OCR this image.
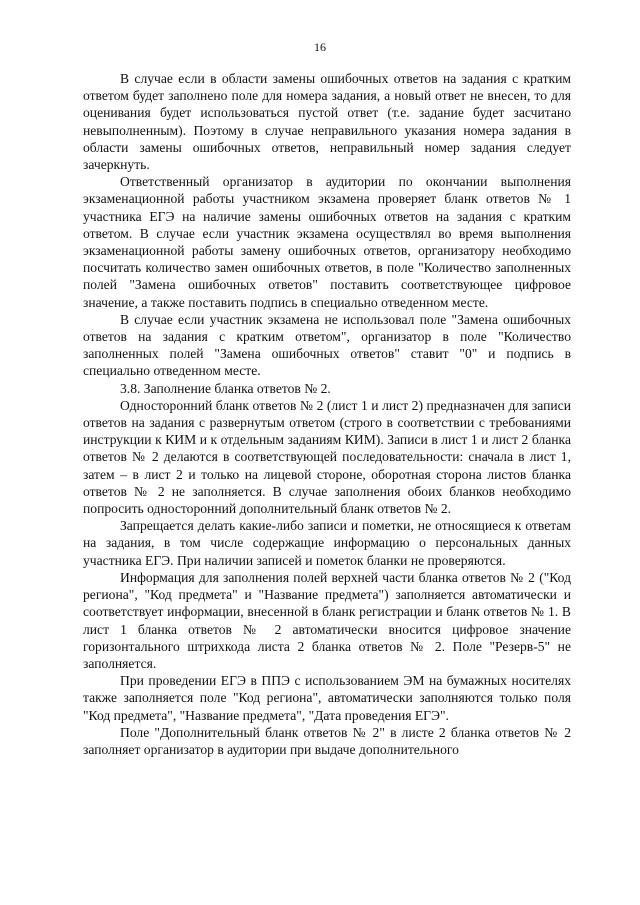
16

В случае если в области замены ошибочных ответов на задания с кратким ответом будет заполнено поле для номера задания, а новый ответ не внесен, то для оценивания будет использоваться пустой ответ (т.е. задание будет засчитано невыполненным). Поэтому в случае неправильного указания номера задания в области замены ошибочных ответов, неправильный номер задания следует зачеркнуть.

Ответственный организатор в аудитории по окончании выполнения экзаменационной работы участником экзамена проверяет бланк ответов № 1 участника ЕГЭ на наличие замены ошибочных ответов на задания с кратким ответом. В случае если участник экзамена осуществлял во время выполнения экзаменационной работы замену ошибочных ответов, организатору необходимо посчитать количество замен ошибочных ответов, в поле "Количество заполненных полей "Замена ошибочных ответов" поставить соответствующее цифровое значение, а также поставить подпись в специально отведенном месте.

В случае если участник экзамена не использовал поле "Замена ошибочных ответов на задания с кратким ответом", организатор в поле "Количество заполненных полей "Замена ошибочных ответов" ставит "0" и подпись в специально отведенном месте.

3.8. Заполнение бланка ответов № 2.

Односторонний бланк ответов № 2 (лист 1 и лист 2) предназначен для записи ответов на задания с развернутым ответом (строго в соответствии с требованиями инструкции к КИМ и к отдельным заданиям КИМ). Записи в лист 1 и лист 2 бланка ответов № 2 делаются в соответствующей последовательности: сначала в лист 1, затем – в лист 2 и только на лицевой стороне, оборотная сторона листов бланка ответов № 2 не заполняется. В случае заполнения обоих бланков необходимо попросить односторонний дополнительный бланк ответов № 2.

Запрещается делать какие-либо записи и пометки, не относящиеся к ответам на задания, в том числе содержащие информацию о персональных данных участника ЕГЭ. При наличии записей и пометок бланки не проверяются.

Информация для заполнения полей верхней части бланка ответов № 2 ("Код региона", "Код предмета" и "Название предмета") заполняется автоматически и соответствует информации, внесенной в бланк регистрации и бланк ответов № 1. В лист 1 бланка ответов № 2 автоматически вносится цифровое значение горизонтального штрихкода листа 2 бланка ответов № 2. Поле "Резерв-5" не заполняется.

При проведении ЕГЭ в ППЭ с использованием ЭМ на бумажных носителях также заполняется поле "Код региона", автоматически заполняются только поля "Код предмета", "Название предмета", "Дата проведения ЕГЭ".

Поле "Дополнительный бланк ответов № 2" в листе 2 бланка ответов № 2 заполняет организатор в аудитории при выдаче дополнительного
